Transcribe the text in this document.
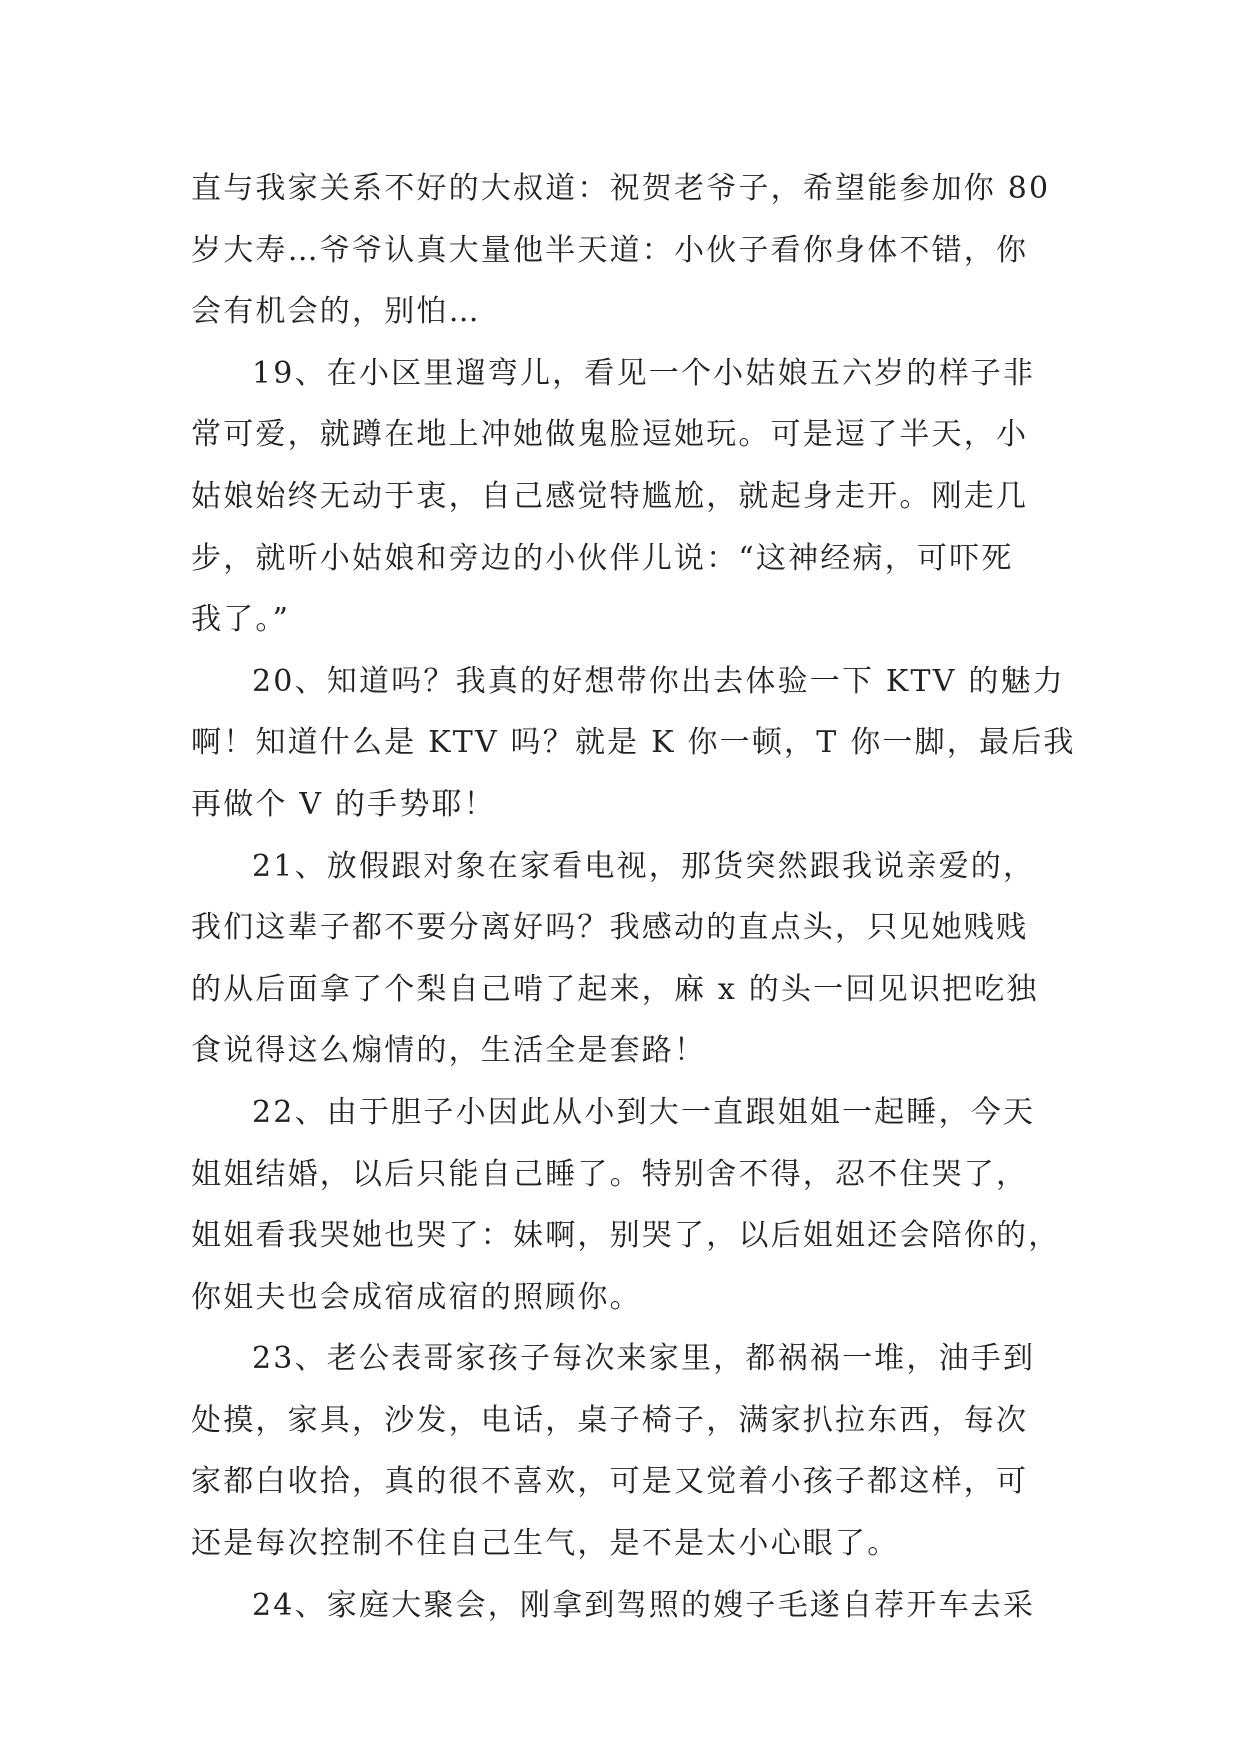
直与我家关系不好的大叔道：祝贺老爷子，希望能参加你 80
岁大寿…爷爷认真大量他半天道：小伙子看你身体不错，你
会有机会的，别怕…
19、在小区里遛弯儿，看见一个小姑娘五六岁的样子非
常可爱，就蹲在地上冲她做鬼脸逗她玩。可是逗了半天，小
姑娘始终无动于衷，自己感觉特尴尬，就起身走开。刚走几
步，就听小姑娘和旁边的小伙伴儿说：“这神经病，可吓死
我了。”
20、知道吗？我真的好想带你出去体验一下 KTV 的魅力
啊！知道什么是 KTV 吗？就是 K 你一顿，T 你一脚，最后我
再做个 V 的手势耶！
21、放假跟对象在家看电视，那货突然跟我说亲爱的，
我们这辈子都不要分离好吗？我感动的直点头，只见她贱贱
的从后面拿了个梨自己啃了起来，麻 x 的头一回见识把吃独
食说得这么煽情的，生活全是套路！
22、由于胆子小因此从小到大一直跟姐姐一起睡，今天
姐姐结婚，以后只能自己睡了。特别舍不得，忍不住哭了，
姐姐看我哭她也哭了：妹啊，别哭了，以后姐姐还会陪你的，
你姐夫也会成宿成宿的照顾你。
23、老公表哥家孩子每次来家里，都祸祸一堆，油手到
处摸，家具，沙发，电话，桌子椅子，满家扒拉东西，每次
家都白收拾，真的很不喜欢，可是又觉着小孩子都这样，可
还是每次控制不住自己生气，是不是太小心眼了。
24、家庭大聚会，刚拿到驾照的嫂子毛遂自荐开车去采
